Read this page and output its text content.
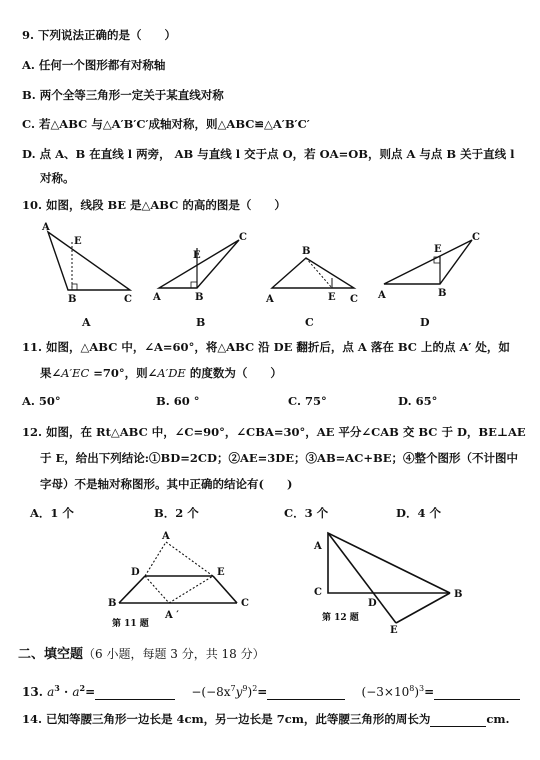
9. 下列说法正确的是（　　）
A. 任何一个图形都有对称轴
B. 两个全等三角形一定关于某直线对称
C. 若△ABC 与△A′B′C′成轴对称，则△ABC≌△A′B′C′
D. 点 A、B 在直线 l 两旁， AB 与直线 l 交于点 O，若 OA=OB，则点 A 与点 B 关于直线 l
对称。
10. 如图，线段 BE 是△ABC 的高的图是（　　）
A
E
B	C A
E
B
C
B
A	E C A
E
B
C
A	B	C	D
11. 如图，△ABC 中，∠A=60°，将△ABC 沿 DE 翻折后，点 A 落在 BC 上的点 A′ 处，如
果∠A′EC =70°，则∠A′DE 的度数为（　　）
A. 50°	B. 60 °	C. 75°	D. 65°
12. 如图，在 Rt△ABC 中，∠C=90°，∠CBA=30°，AE 平分∠CAB 交 BC 于 D，BE⊥AE
于 E，给出下列结论:①BD=2CD；②AE=3DE；③AB=AC+BE；④整个图形（不计图中
字母）不是轴对称图形。其中正确的结论有(　　)
A．1 个	B．2 个	C．3 个	D．4 个
A
D	E
B	C
A ′
第 11 题
A
C
D
B
E
第 12 题
二、填空题（6 小题，每题 3 分，共 18 分）
13. $a^3 \cdot a^2=$	$-(-8x^7y^9)^2=$	$(-3\times 10^8)^3=$
14. 已知等腰三角形一边长是 4cm，另一边长是 7cm，此等腰三角形的周长为	cm.
